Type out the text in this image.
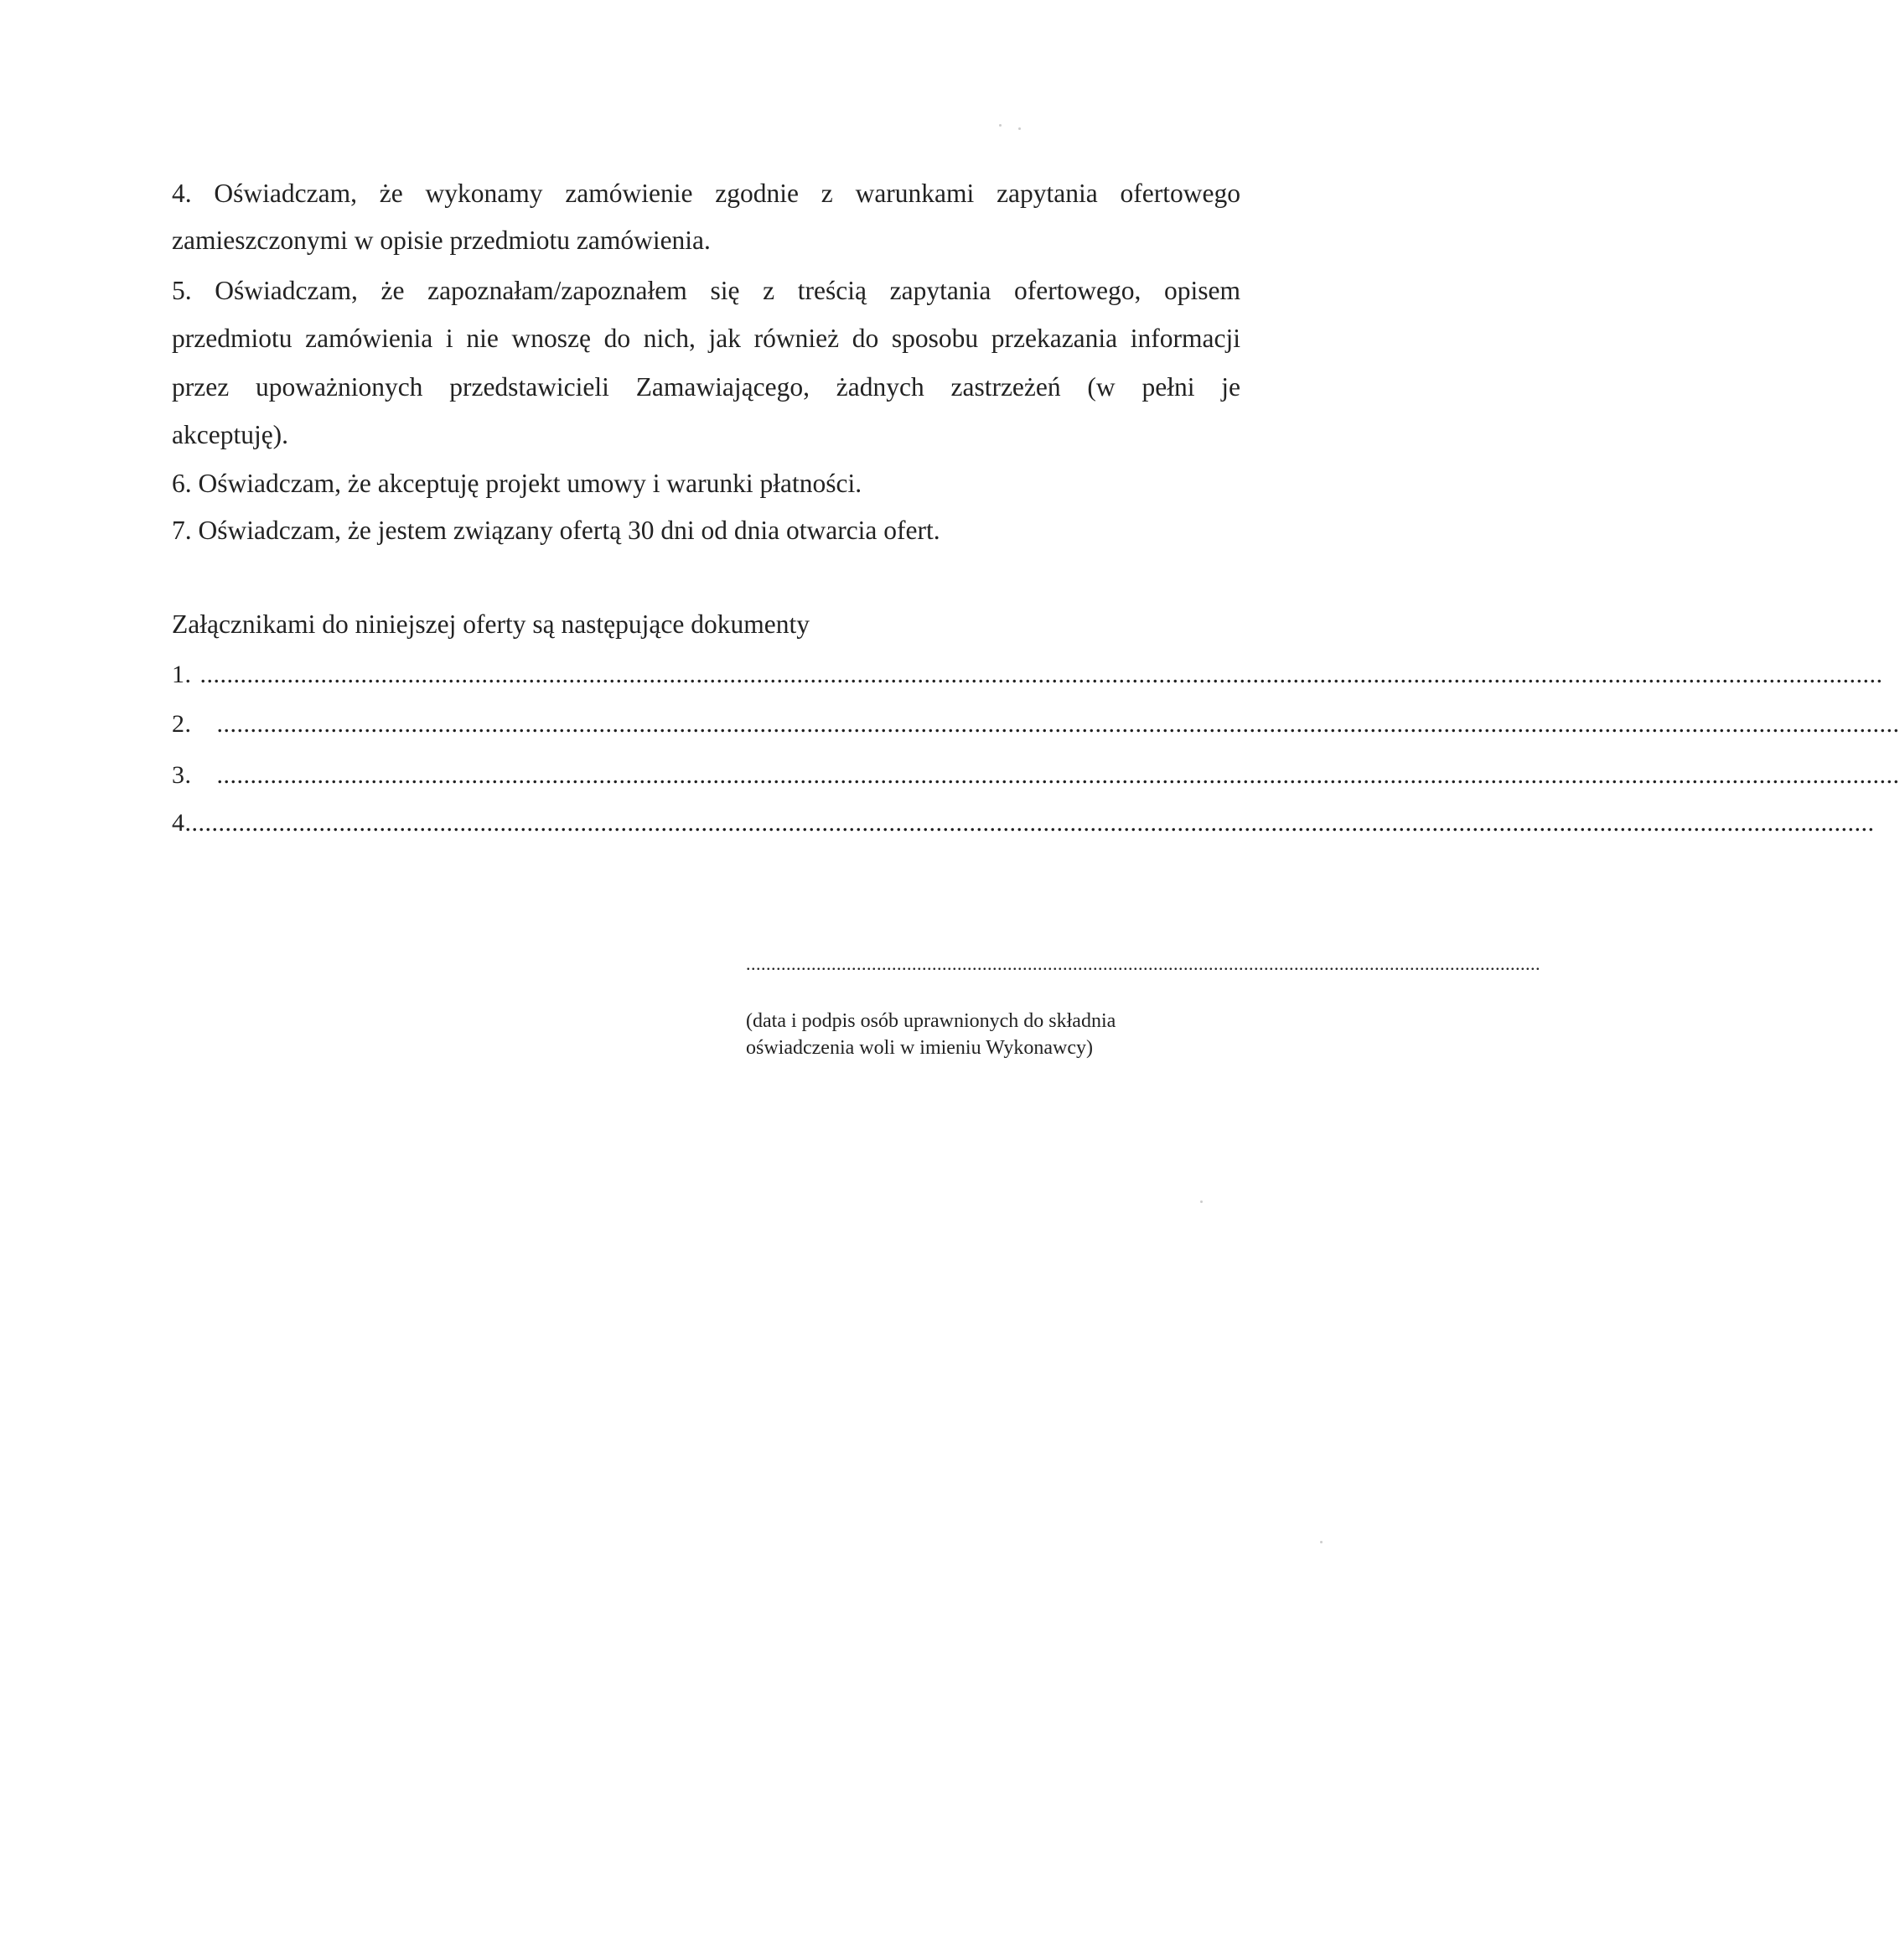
4. Oświadczam, że wykonamy zamówienie zgodnie z warunkami zapytania ofertowego
zamieszczonymi w opisie przedmiotu zamówienia.
5. Oświadczam, że zapoznałam/zapoznałem się z treścią zapytania ofertowego, opisem
przedmiotu zamówienia i nie wnoszę do nich, jak również do sposobu przekazania informacji
przez upoważnionych przedstawicieli Zamawiającego, żadnych zastrzeżeń (w pełni je
akceptuję).
6. Oświadczam, że akceptuję projekt umowy i warunki płatności.
7. Oświadczam, że jestem związany ofertą 30 dni od dnia otwarcia ofert.
Załącznikami do niniejszej oferty są następujące dokumenty
1. ...........................................................................................................................................................................................................................................................
2. ...........................................................................................................................................................................................................................................................
3. ...........................................................................................................................................................................................................................................................
4............................................................................................................................................................................................................................................................
..............................................................................................................................................................
(data i podpis osób uprawnionych do składnia
oświadczenia woli w imieniu Wykonawcy)
